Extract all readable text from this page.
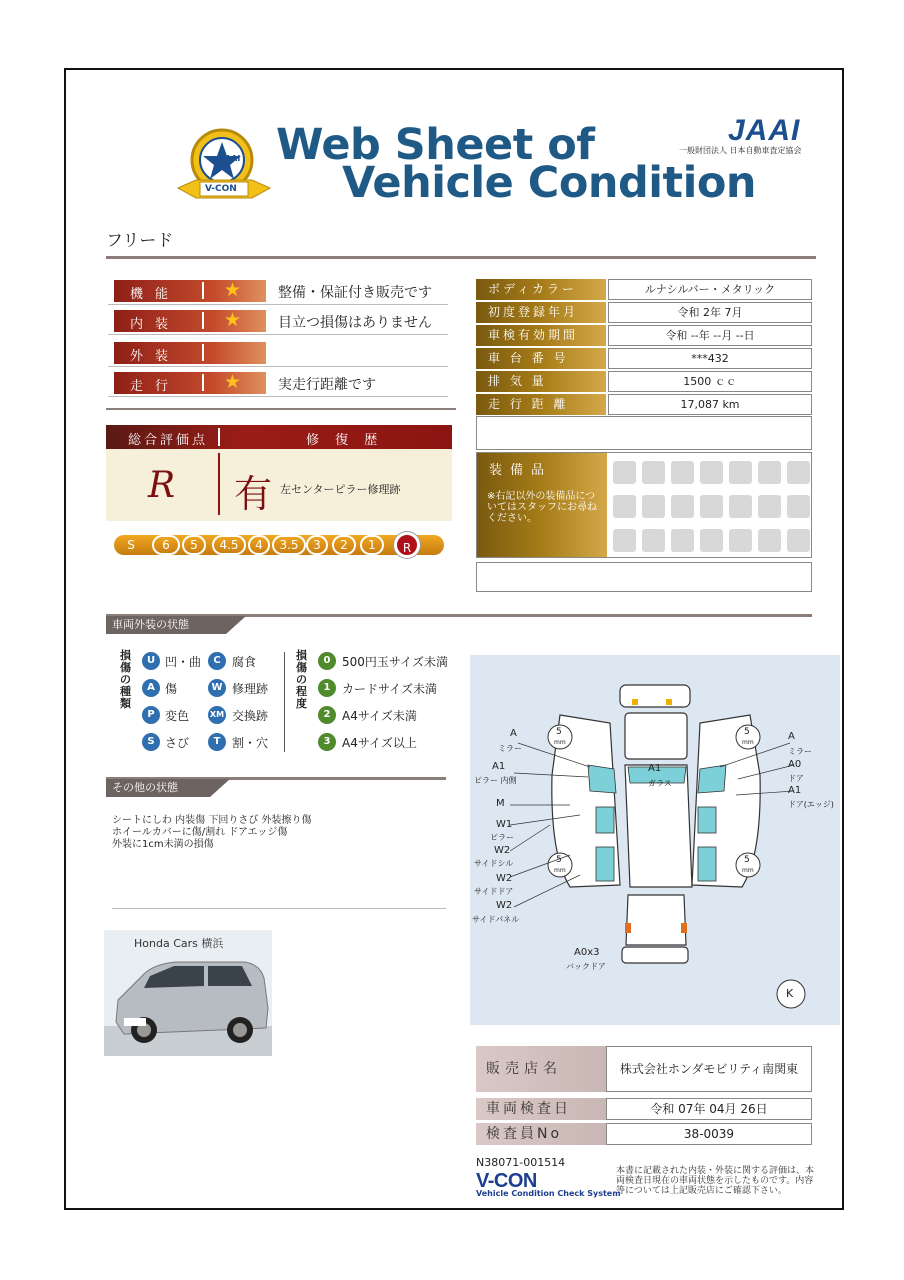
JAAI
V-CON
Web Sheet of
Vehicle Condition
JAAI
一般財団法人 日本自動車査定協会
フリード
機能 ★	整備・保証付き販売です
内装 ★	目立つ損傷はありません
外装
走行 ★	実走行距離です
総合評価点	修 復 歴
R 有 左センターピラー修理跡
S	6	5	4.5	4	3.5	3	2	1	R
ボディカラー	ルナシルバー・メタリック
初度登録年月	令和 2年 7月
車検有効期間	令和 --年 --月 --日
車 台 番 号	***432
排 気 量	1500 ｃｃ
走 行 距 離	17,087 km
装備品
※右記以外の装備品についてはスタッフにお尋ねください。
車両外装の状態
損傷の種類
U 凹・曲	C 腐食
A 傷	W 修理跡
P 変色	XM 交換跡
S さび	T 割・穴
損傷の程度
0 500円玉サイズ未満
1 カードサイズ未満
2 A4サイズ未満
3 A4サイズ以上
その他の状態
シートにしわ 内装傷 下回りさび 外装擦り傷
ホイールカバーに傷/割れ ドアエッジ傷
外装に1cm未満の損傷
Honda Cars 横浜
A
ミラー
A1
ピラー 内側
M
W1
ピラー
W2
サイドシル
W2
サイドドア
W2
サイドパネル
A1
ガラス
A
ミラー
A0
ドア
A1
ドア(エッジ)
A0x3
バックドア
K
5
mm
5
mm
5
mm
5
mm
販売店名	株式会社ホンダモビリティ南関東
車両検査日	令和 07年 04月 26日
検査員No	38-0039
N38071-001514
V-CON
Vehicle Condition Check System
本書に記載された内装・外装に関する評価は、本両検査日現在の車両状態を示したものです。内容等については上記販売店にご確認下さい。
